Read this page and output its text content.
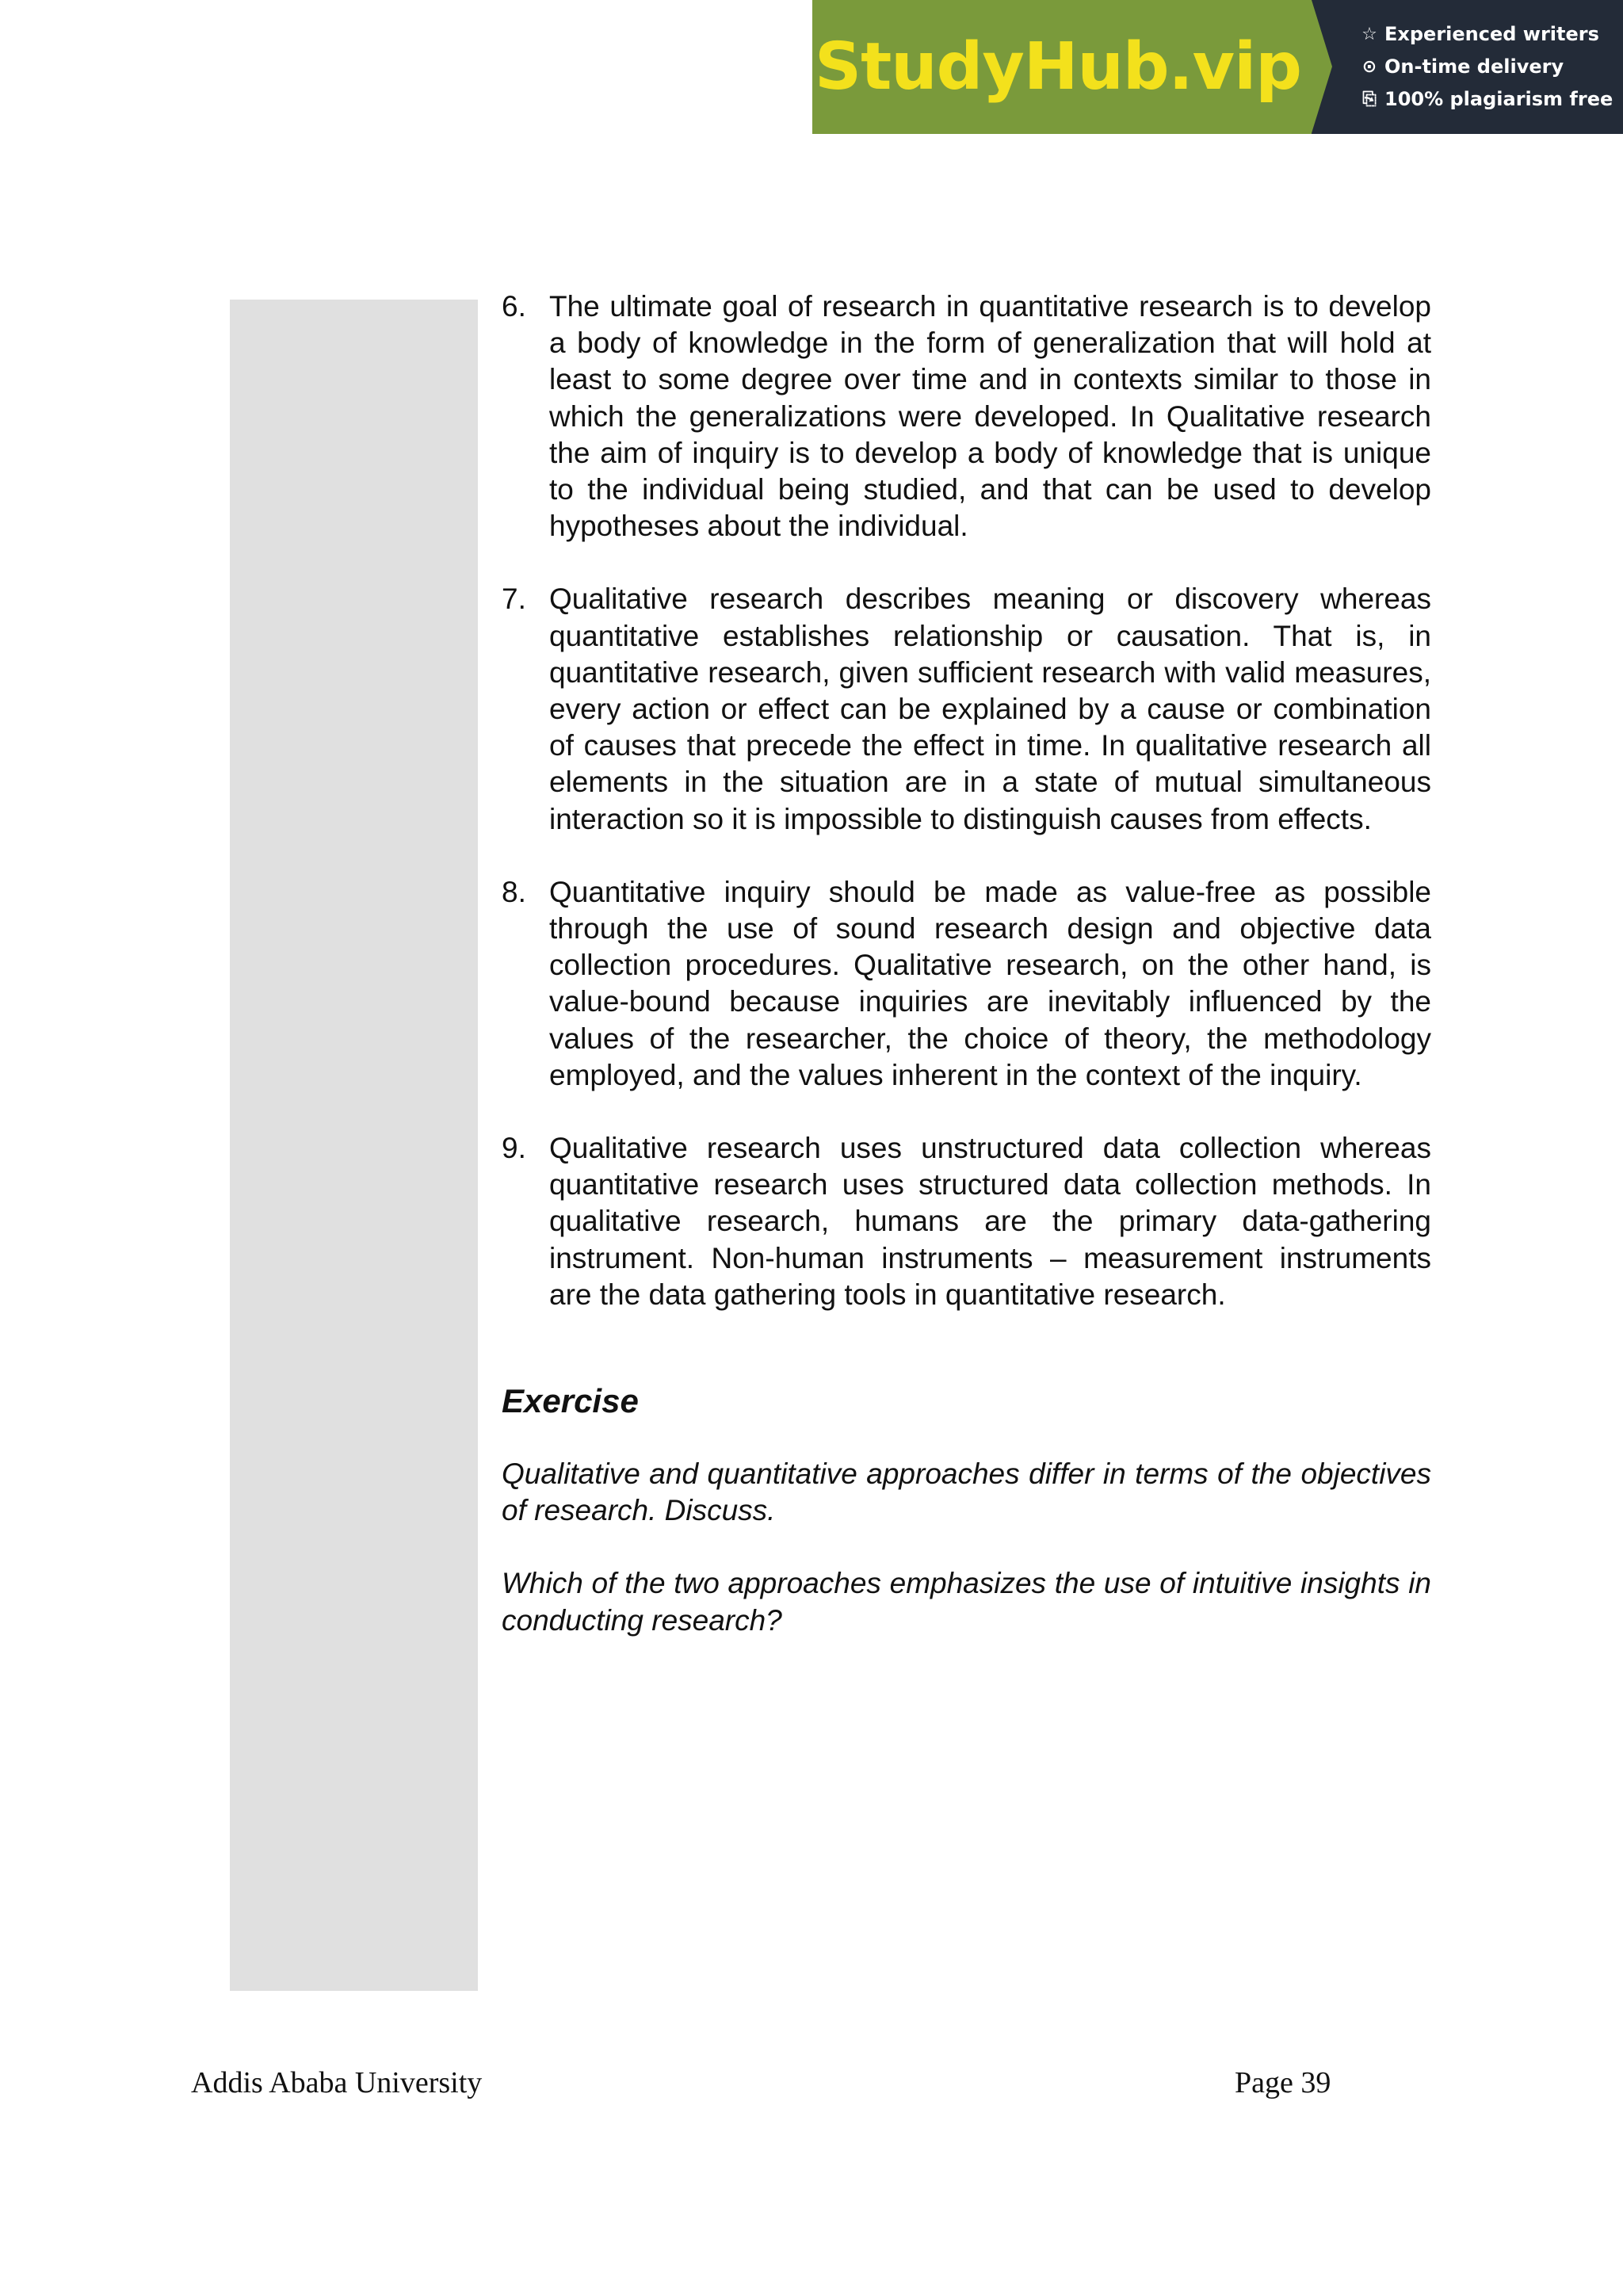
StudyHub.vip	☆ Experienced writers
⊙ On-time delivery
⎘ 100% plagiarism free
6. The ultimate goal of research in quantitative research is to develop a body of knowledge in the form of generalization that will hold at least to some degree over time and in contexts similar to those in which the generalizations were developed. In Qualitative research the aim of inquiry is to develop a body of knowledge that is unique to the individual being studied, and that can be used to develop hypotheses about the individual.
7. Qualitative research describes meaning or discovery whereas quantitative establishes relationship or causation. That is, in quantitative research, given sufficient research with valid measures, every action or effect can be explained by a cause or combination of causes that precede the effect in time. In qualitative research all elements in the situation are in a state of mutual simultaneous interaction so it is impossible to distinguish causes from effects.
8. Quantitative inquiry should be made as value-free as possible through the use of sound research design and objective data collection procedures. Qualitative research, on the other hand, is value-bound because inquiries are inevitably influenced by the values of the researcher, the choice of theory, the methodology employed, and the values inherent in the context of the inquiry.
9. Qualitative research uses unstructured data collection whereas quantitative research uses structured data collection methods. In qualitative research, humans are the primary data-gathering instrument. Non-human instruments – measurement instruments are the data gathering tools in quantitative research.
Exercise
Qualitative and quantitative approaches differ in terms of the objectives of research. Discuss.
Which of the two approaches emphasizes the use of intuitive insights in conducting research?
Addis Ababa University	Page 39
